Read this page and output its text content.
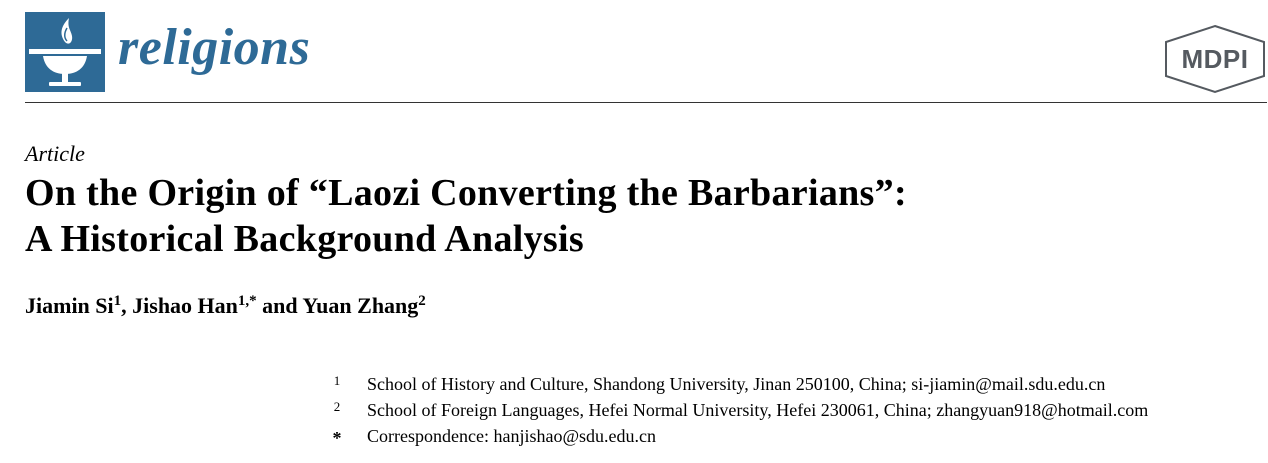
religions	MDPI
Article
On the Origin of “Laozi Converting the Barbarians”:
A Historical Background Analysis
Jiamin Si$^1$, Jishao Han$^{1,*}$ and Yuan Zhang$^2$
1 School of History and Culture, Shandong University, Jinan 250100, China; si-jiamin@mail.sdu.edu.cn
2 School of Foreign Languages, Hefei Normal University, Hefei 230061, China; zhangyuan918@hotmail.com
* Correspondence: hanjishao@sdu.edu.cn
